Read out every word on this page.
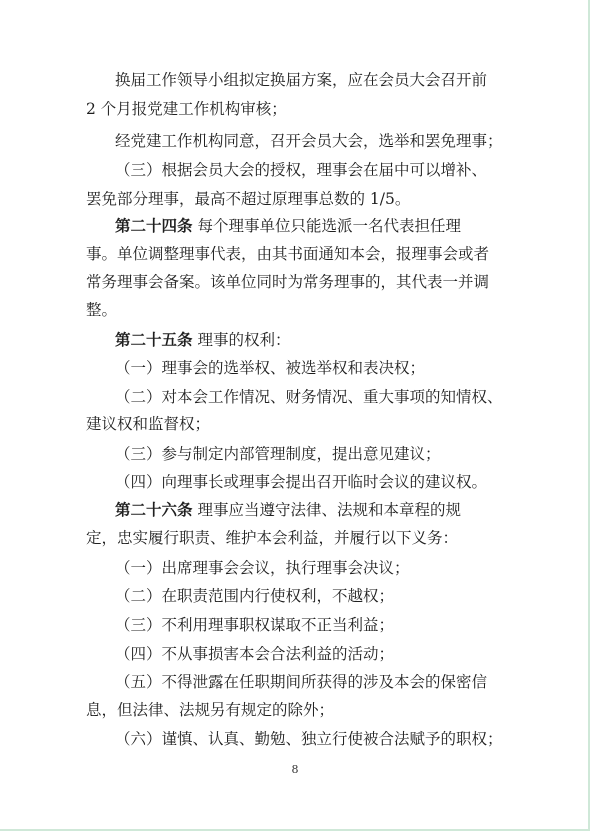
换届工作领导小组拟定换届方案，应在会员大会召开前
2 个月报党建工作机构审核；
经党建工作机构同意，召开会员大会，选举和罢免理事；
（三）根据会员大会的授权，理事会在届中可以增补、
罢免部分理事，最高不超过原理事总数的 1/5。
第二十四条 每个理事单位只能选派一名代表担任理
事。单位调整理事代表，由其书面通知本会，报理事会或者
常务理事会备案。该单位同时为常务理事的，其代表一并调
整。
第二十五条 理事的权利：
（一）理事会的选举权、被选举权和表决权；
（二）对本会工作情况、财务情况、重大事项的知情权、
建议权和监督权；
（三）参与制定内部管理制度，提出意见建议；
（四）向理事长或理事会提出召开临时会议的建议权。
第二十六条 理事应当遵守法律、法规和本章程的规
定，忠实履行职责、维护本会利益，并履行以下义务：
（一）出席理事会会议，执行理事会决议；
（二）在职责范围内行使权利，不越权；
（三）不利用理事职权谋取不正当利益；
（四）不从事损害本会合法利益的活动；
（五）不得泄露在任职期间所获得的涉及本会的保密信
息，但法律、法规另有规定的除外；
（六）谨慎、认真、勤勉、独立行使被合法赋予的职权；
8
